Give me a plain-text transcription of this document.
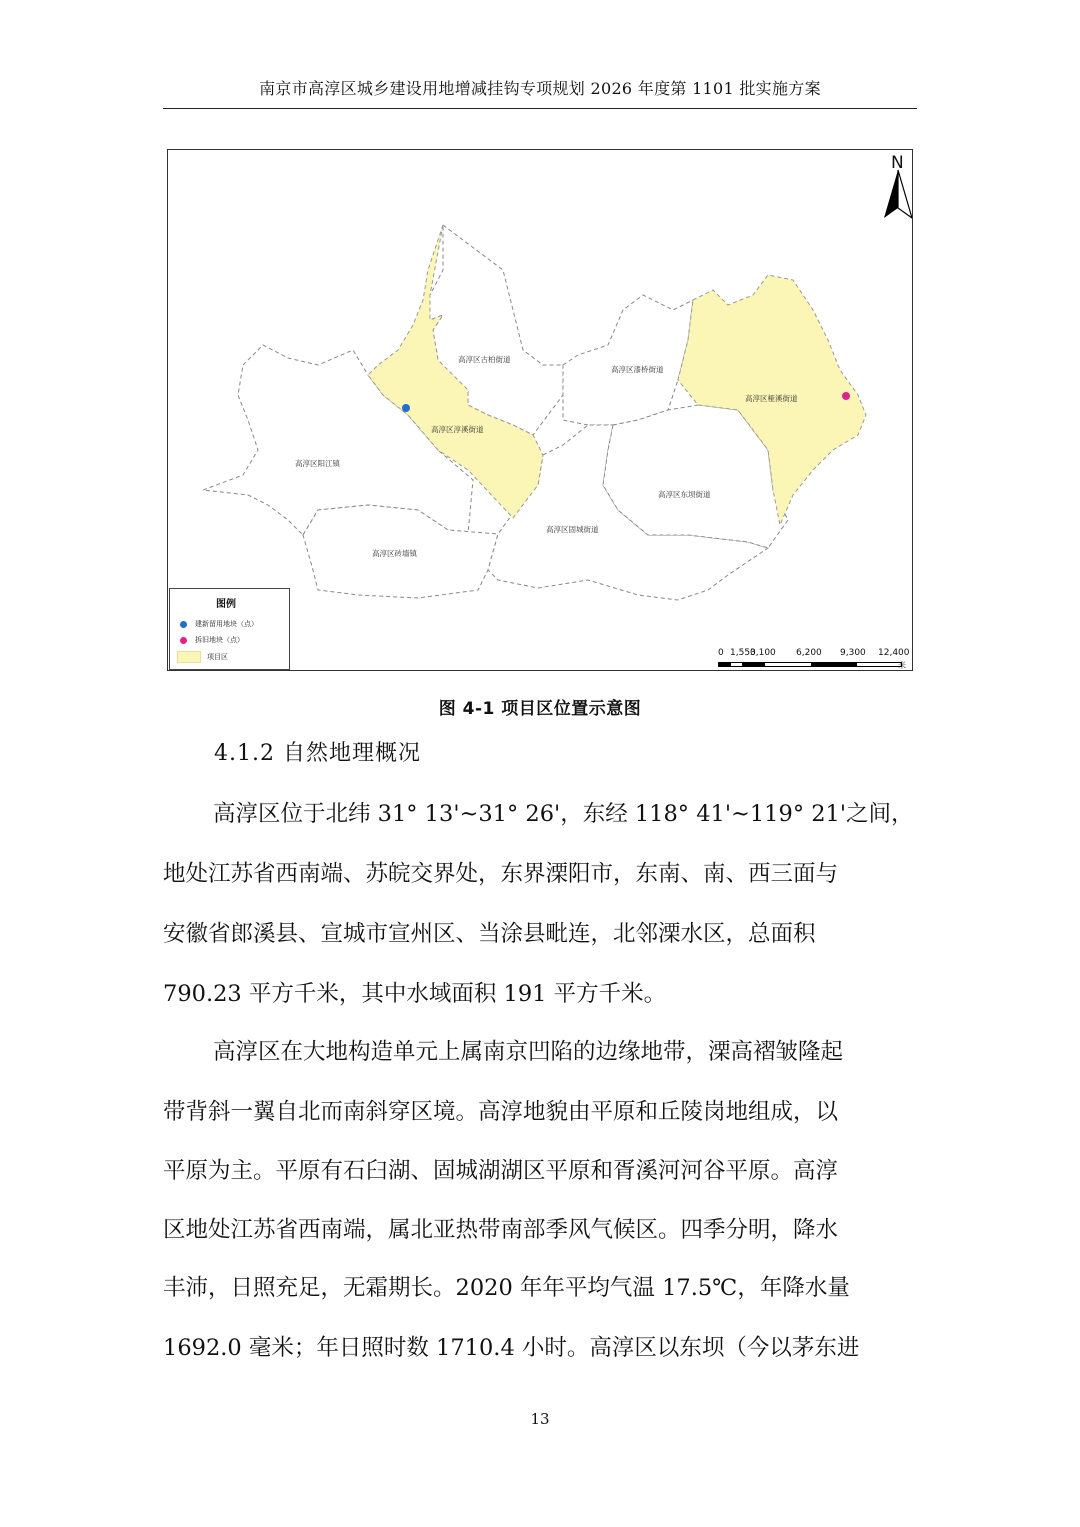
南京市高淳区城乡建设用地增减挂钩专项规划 2026 年度第 1101 批实施方案
高淳区古柏街道
高淳区淳溪街道
高淳区阳江镇
高淳区砖墙镇
高淳区固城街道
高淳区东坝街道
高淳区漆桥街道
高淳区桠溪街道
N
图例
建新留用地块（点）
拆旧地块（点）
项目区	0 1,550
3,100 6,200 9,300 12,400
米
图 4-1 项目区位置示意图
4.1.2 自然地理概况
高淳区位于北纬 31° 13'~31° 26'，东经 118° 41'~119° 21'之间，
地处江苏省西南端、苏皖交界处，东界溧阳市，东南、南、西三面与
安徽省郎溪县、宣城市宣州区、当涂县毗连，北邻溧水区，总面积
790.23 平方千米，其中水域面积 191 平方千米。
高淳区在大地构造单元上属南京凹陷的边缘地带，溧高褶皱隆起
带背斜一翼自北而南斜穿区境。高淳地貌由平原和丘陵岗地组成，以
平原为主。平原有石臼湖、固城湖湖区平原和胥溪河河谷平原。高淳
区地处江苏省西南端，属北亚热带南部季风气候区。四季分明，降水
丰沛，日照充足，无霜期长。2020 年年平均气温 17.5℃，年降水量
1692.0 毫米；年日照时数 1710.4 小时。高淳区以东坝（今以茅东进
13
